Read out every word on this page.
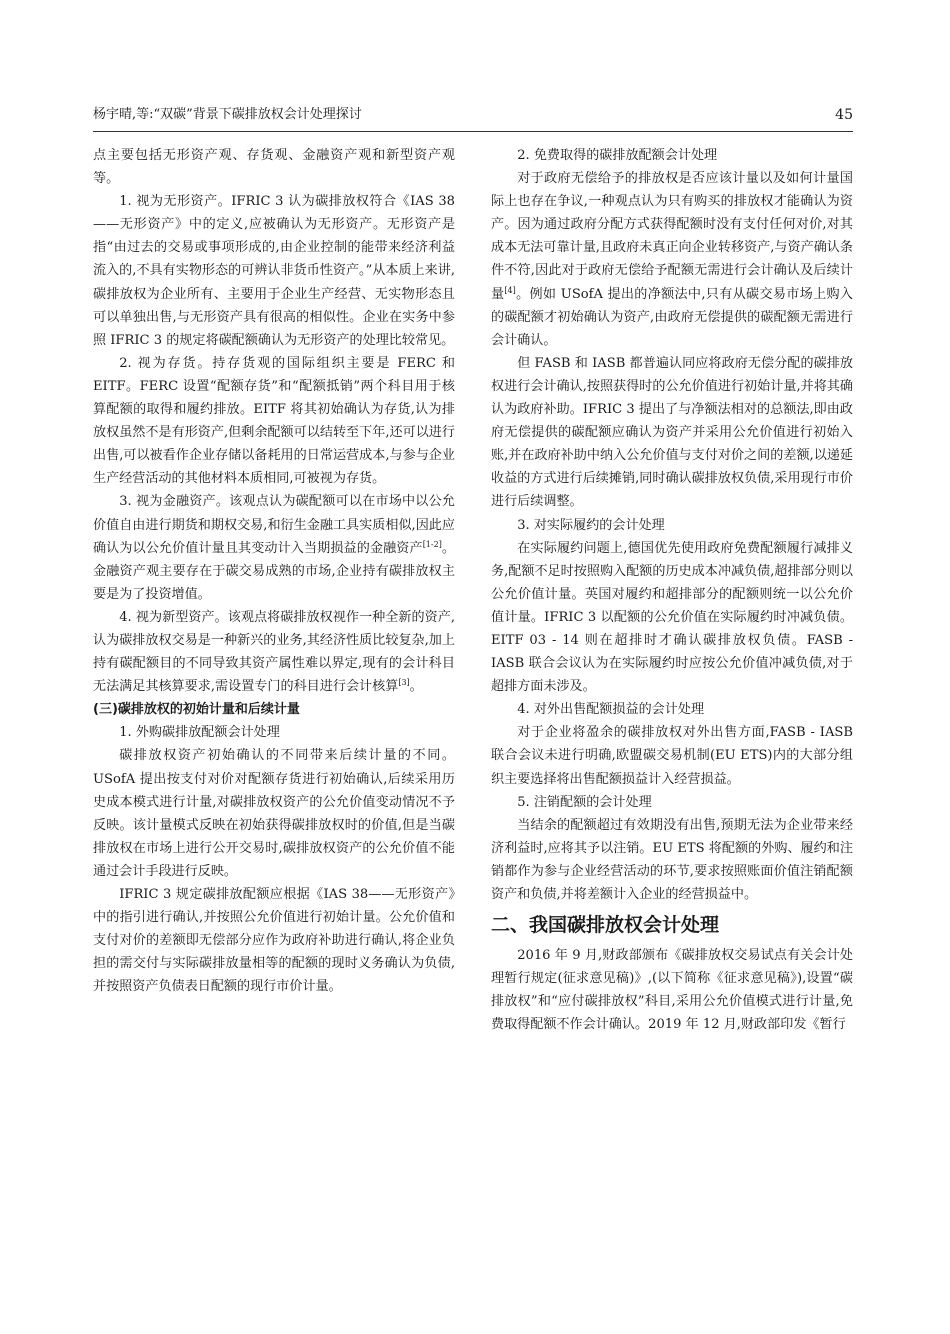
杨宇晴,等:“双碳”背景下碳排放权会计处理探讨	45

点主要包括无形资产观、存货观、金融资产观和新型资产观等。

1. 视为无形资产。IFRIC 3 认为碳排放权符合《IAS 38——无形资产》中的定义,应被确认为无形资产。无形资产是指“由过去的交易或事项形成的,由企业控制的能带来经济利益流入的,不具有实物形态的可辨认非货币性资产。”从本质上来讲,碳排放权为企业所有、主要用于企业生产经营、无实物形态且可以单独出售,与无形资产具有很高的相似性。企业在实务中参照 IFRIC 3 的规定将碳配额确认为无形资产的处理比较常见。

2. 视为存货。持存货观的国际组织主要是 FERC 和 EITF。FERC 设置“配额存货”和“配额抵销”两个科目用于核算配额的取得和履约排放。EITF 将其初始确认为存货,认为排放权虽然不是有形资产,但剩余配额可以结转至下年,还可以进行出售,可以被看作企业存储以备耗用的日常运营成本,与参与企业生产经营活动的其他材料本质相同,可被视为存货。

3. 视为金融资产。该观点认为碳配额可以在市场中以公允价值自由进行期货和期权交易,和衍生金融工具实质相似,因此应确认为以公允价值计量且其变动计入当期损益的金融资产[1-2]。金融资产观主要存在于碳交易成熟的市场,企业持有碳排放权主要是为了投资增值。

4. 视为新型资产。该观点将碳排放权视作一种全新的资产,认为碳排放权交易是一种新兴的业务,其经济性质比较复杂,加上持有碳配额目的不同导致其资产属性难以界定,现有的会计科目无法满足其核算要求,需设置专门的科目进行会计核算[3]。

(三)碳排放权的初始计量和后续计量

1. 外购碳排放配额会计处理

碳排放权资产初始确认的不同带来后续计量的不同。USofA 提出按支付对价对配额存货进行初始确认,后续采用历史成本模式进行计量,对碳排放权资产的公允价值变动情况不予反映。该计量模式反映在初始获得碳排放权时的价值,但是当碳排放权在市场上进行公开交易时,碳排放权资产的公允价值不能通过会计手段进行反映。

IFRIC 3 规定碳排放配额应根据《IAS 38——无形资产》中的指引进行确认,并按照公允价值进行初始计量。公允价值和支付对价的差额即无偿部分应作为政府补助进行确认,将企业负担的需交付与实际碳排放量相等的配额的现时义务确认为负债,并按照资产负债表日配额的现行市价计量。

2. 免费取得的碳排放配额会计处理

对于政府无偿给予的排放权是否应该计量以及如何计量国际上也存在争议,一种观点认为只有购买的排放权才能确认为资产。因为通过政府分配方式获得配额时没有支付任何对价,对其成本无法可靠计量,且政府未真正向企业转移资产,与资产确认条件不符,因此对于政府无偿给予配额无需进行会计确认及后续计量[4]。例如 USofA 提出的净额法中,只有从碳交易市场上购入的碳配额才初始确认为资产,由政府无偿提供的碳配额无需进行会计确认。

但 FASB 和 IASB 都普遍认同应将政府无偿分配的碳排放权进行会计确认,按照获得时的公允价值进行初始计量,并将其确认为政府补助。IFRIC 3 提出了与净额法相对的总额法,即由政府无偿提供的碳配额应确认为资产并采用公允价值进行初始入账,并在政府补助中纳入公允价值与支付对价之间的差额,以递延收益的方式进行后续摊销,同时确认碳排放权负债,采用现行市价进行后续调整。

3. 对实际履约的会计处理

在实际履约问题上,德国优先使用政府免费配额履行减排义务,配额不足时按照购入配额的历史成本冲减负债,超排部分则以公允价值计量。英国对履约和超排部分的配额则统一以公允价值计量。IFRIC 3 以配额的公允价值在实际履约时冲减负债。EITF 03 - 14 则在超排时才确认碳排放权负债。FASB - IASB 联合会议认为在实际履约时应按公允价值冲减负债,对于超排方面未涉及。

4. 对外出售配额损益的会计处理

对于企业将盈余的碳排放权对外出售方面,FASB - IASB 联合会议未进行明确,欧盟碳交易机制(EU ETS)内的大部分组织主要选择将出售配额损益计入经营损益。

5. 注销配额的会计处理

当结余的配额超过有效期没有出售,预期无法为企业带来经济利益时,应将其予以注销。EU ETS 将配额的外购、履约和注销都作为参与企业经营活动的环节,要求按照账面价值注销配额资产和负债,并将差额计入企业的经营损益中。

二、我国碳排放权会计处理

2016 年 9 月,财政部颁布《碳排放权交易试点有关会计处理暂行规定(征求意见稿)》,(以下简称《征求意见稿》),设置“碳排放权”和“应付碳排放权”科目,采用公允价值模式进行计量,免费取得配额不作会计确认。2019 年 12 月,财政部印发《暂行
